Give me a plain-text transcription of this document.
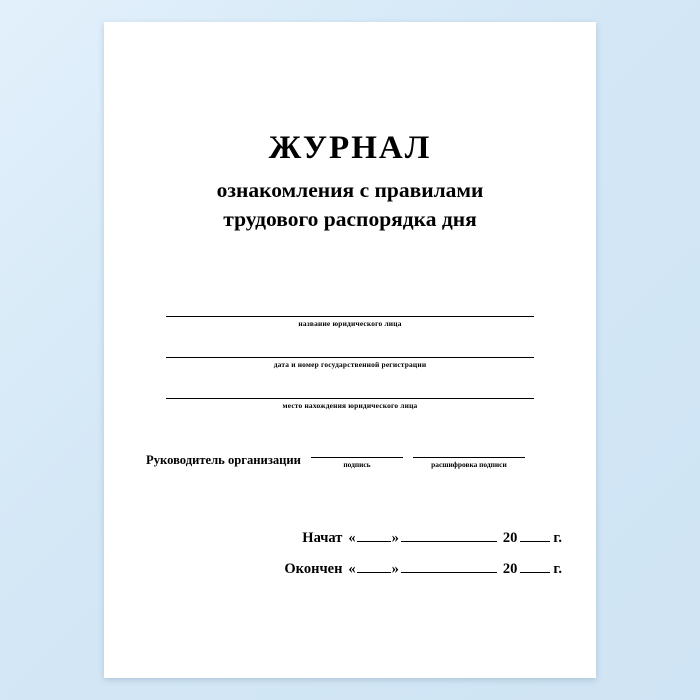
ЖУРНАЛ
ознакомления с правилами
трудового распорядка дня
название юридического лица
дата и номер государственной регистрации
место нахождения юридического лица
Руководитель организации	подпись	расшифровка подписи
Начат « »	20 г.
Окончен « »	20 г.
